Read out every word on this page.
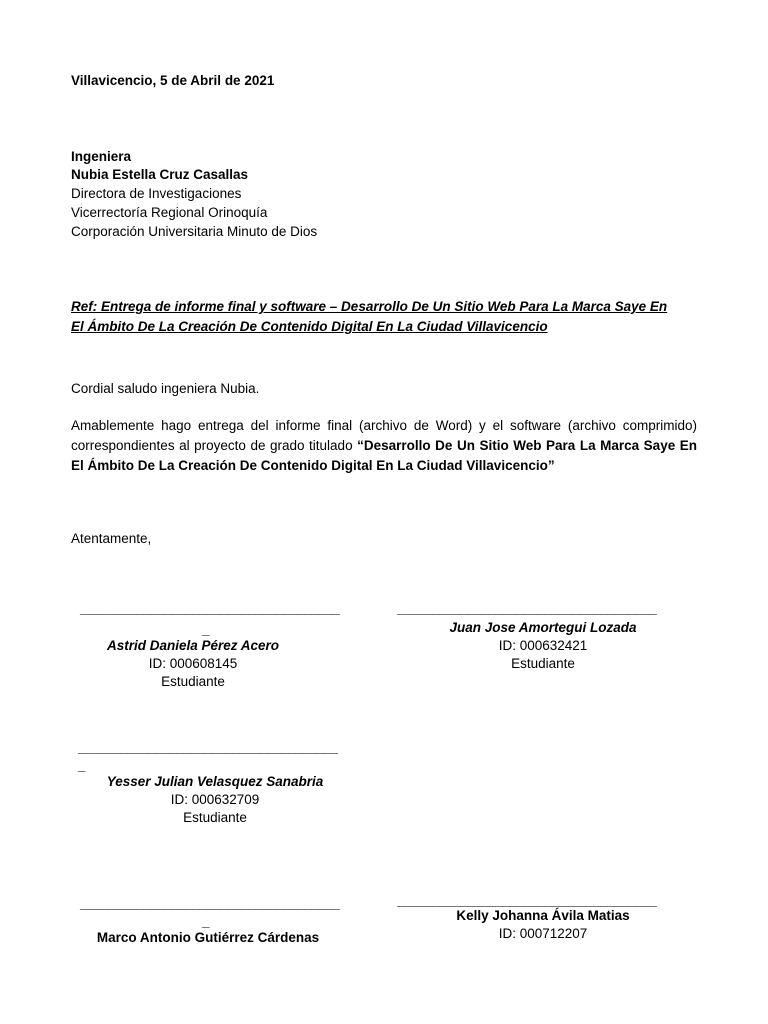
Villavicencio, 5 de Abril de 2021
Ingeniera
Nubia Estella Cruz Casallas
Directora de Investigaciones
Vicerrectoría Regional Orinoquía
Corporación Universitaria Minuto de Dios
Ref: Entrega de informe final y software – Desarrollo De Un Sitio Web Para La Marca Saye En
El Ámbito De La Creación De Contenido Digital En La Ciudad Villavicencio
Cordial saludo ingeniera Nubia.
Amablemente hago entrega del informe final (archivo de Word) y el software (archivo comprimido) correspondientes al proyecto de grado titulado “Desarrollo De Un Sitio Web Para La Marca Saye En El Ámbito De La Creación De Contenido Digital En La Ciudad Villavicencio”
Atentamente,
_____________________________________
_
Astrid Daniela Pérez Acero
ID: 000608145
Estudiante
_____________________________________
Juan Jose Amortegui Lozada
ID: 000632421
Estudiante
_____________________________________
_
Yesser Julian Velasquez Sanabria
ID: 000632709
Estudiante
_____________________________________
_
Marco Antonio Gutiérrez Cárdenas
_____________________________________
Kelly Johanna Ávila Matias
ID: 000712207
